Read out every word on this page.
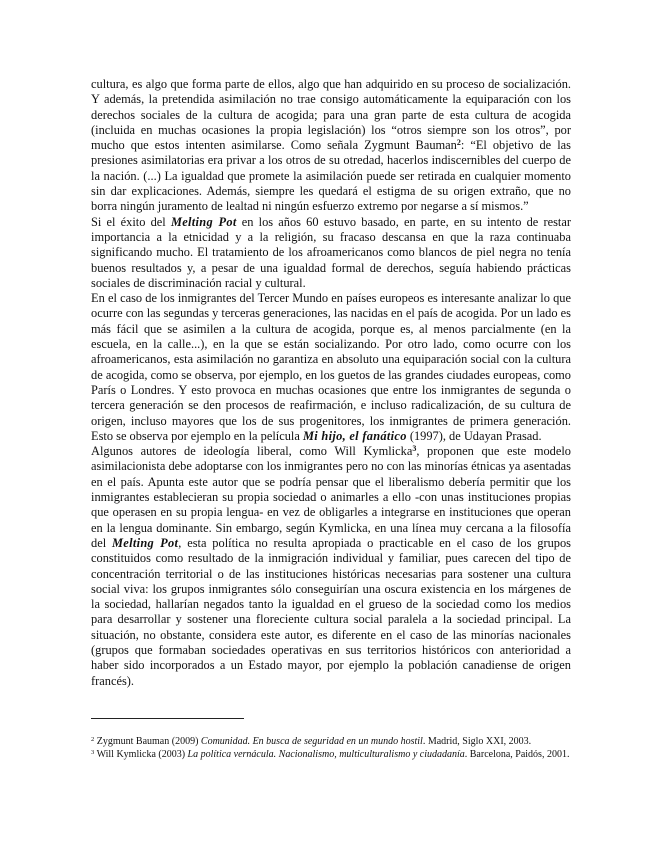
cultura, es algo que forma parte de ellos, algo que han adquirido en su proceso de socialización. Y además, la pretendida asimilación no trae consigo automáticamente la equiparación con los derechos sociales de la cultura de acogida; para una gran parte de esta cultura de acogida (incluida en muchas ocasiones la propia legislación) los “otros siempre son los otros”, por mucho que estos intenten asimilarse. Como señala Zygmunt Bauman$^2$: “El objetivo de las presiones asimilatorias era privar a los otros de su otredad, hacerlos indiscernibles del cuerpo de la nación. (...) La igualdad que promete la asimilación puede ser retirada en cualquier momento sin dar explicaciones. Además, siempre les quedará el estigma de su origen extraño, que no borra ningún juramento de lealtad ni ningún esfuerzo extremo por negarse a sí mismos.”

Si el éxito del Melting Pot en los años 60 estuvo basado, en parte, en su intento de restar importancia a la etnicidad y a la religión, su fracaso descansa en que la raza continuaba significando mucho. El tratamiento de los afroamericanos como blancos de piel negra no tenía buenos resultados y, a pesar de una igualdad formal de derechos, seguía habiendo prácticas sociales de discriminación racial y cultural.

En el caso de los inmigrantes del Tercer Mundo en países europeos es interesante analizar lo que ocurre con las segundas y terceras generaciones, las nacidas en el país de acogida. Por un lado es más fácil que se asimilen a la cultura de acogida, porque es, al menos parcialmente (en la escuela, en la calle...), en la que se están socializando. Por otro lado, como ocurre con los afroamericanos, esta asimilación no garantiza en absoluto una equiparación social con la cultura de acogida, como se observa, por ejemplo, en los guetos de las grandes ciudades europeas, como París o Londres. Y esto provoca en muchas ocasiones que entre los inmigrantes de segunda o tercera generación se den procesos de reafirmación, e incluso radicalización, de su cultura de origen, incluso mayores que los de sus progenitores, los inmigrantes de primera generación. Esto se observa por ejemplo en la película Mi hijo, el fanático (1997), de Udayan Prasad.

Algunos autores de ideología liberal, como Will Kymlicka$^3$, proponen que este modelo asimilacionista debe adoptarse con los inmigrantes pero no con las minorías étnicas ya asentadas en el país. Apunta este autor que se podría pensar que el liberalismo debería permitir que los inmigrantes establecieran su propia sociedad o animarles a ello -con unas instituciones propias que operasen en su propia lengua- en vez de obligarles a integrarse en instituciones que operan en la lengua dominante. Sin embargo, según Kymlicka, en una línea muy cercana a la filosofía del Melting Pot, esta política no resulta apropiada o practicable en el caso de los grupos constituidos como resultado de la inmigración individual y familiar, pues carecen del tipo de concentración territorial o de las instituciones históricas necesarias para sostener una cultura social viva: los grupos inmigrantes sólo conseguirían una oscura existencia en los márgenes de la sociedad, hallarían negados tanto la igualdad en el grueso de la sociedad como los medios para desarrollar y sostener una floreciente cultura social paralela a la sociedad principal. La situación, no obstante, considera este autor, es diferente en el caso de las minorías nacionales (grupos que formaban sociedades operativas en sus territorios históricos con anterioridad a haber sido incorporados a un Estado mayor, por ejemplo la población canadiense de origen francés).

$^2$ Zygmunt Bauman (2009) Comunidad. En busca de seguridad en un mundo hostil. Madrid, Siglo XXI, 2003.

$^3$ Will Kymlicka (2003) La política vernácula. Nacionalismo, multiculturalismo y ciudadanía. Barcelona, Paidós, 2001.
